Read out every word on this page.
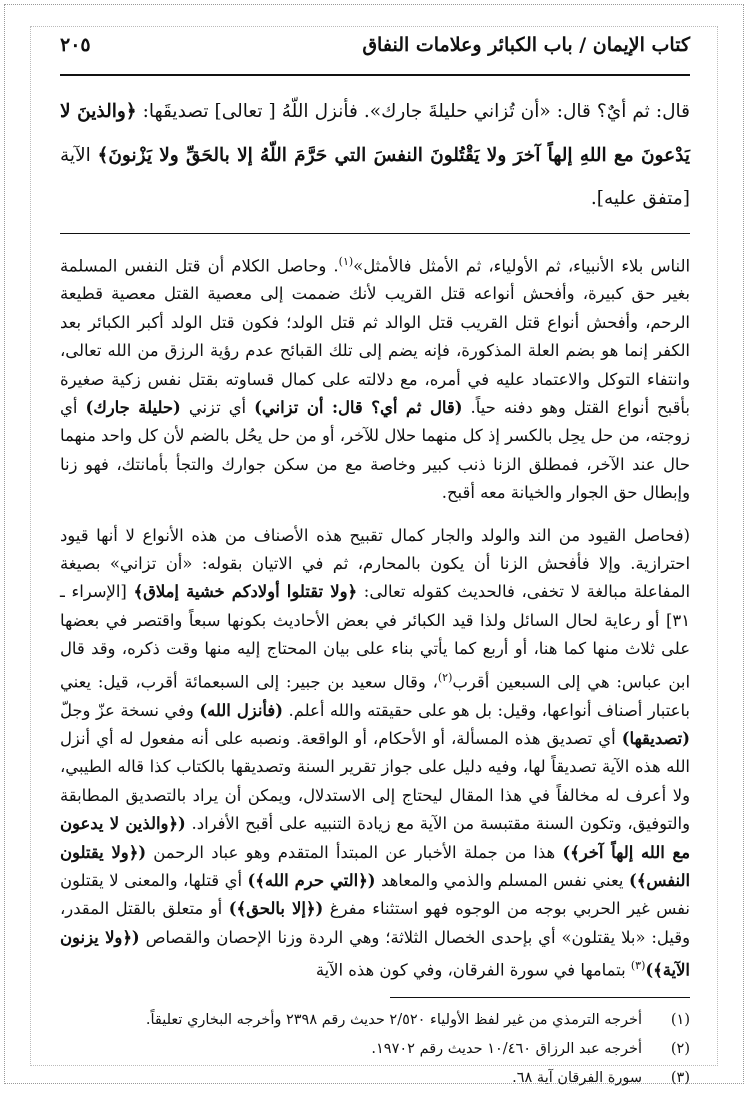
كتاب الإيمان / باب الكبائر وعلامات النفاق
٢٠٥
قال: ثم أيٌ؟ قال: «أن تُزاني حليلةَ جارك». فأنزل اللّهُ [ تعالى] تصديقَها: ﴿والذينَ لا يَدْعونَ مع اللهِ إلهاً آخرَ ولا يَقْتُلونَ النفسَ التي حَرَّمَ اللّهُ إلا بالحَقِّ ولا يَزْنونَ﴾ الآية [متفق عليه].

الناس بلاء الأنبياء، ثم الأولياء، ثم الأمثل فالأمثل»$^{(١)}$. وحاصل الكلام أن قتل النفس المسلمة بغير حق كبيرة، وأفحش أنواعه قتل القريب لأنك ضممت إلى معصية القتل معصية قطيعة الرحم، وأفحش أنواع قتل القريب قتل الوالد ثم قتل الولد؛ فكون قتل الولد أكبر الكبائر بعد الكفر إنما هو بضم العلة المذكورة، فإنه يضم إلى تلك القبائح عدم رؤية الرزق من الله تعالى، وانتفاء التوكل والاعتماد عليه في أمره، مع دلالته على كمال قساوته بقتل نفس زكية صغيرة بأقبح أنواع القتل وهو دفنه حياً. (قال ثم أي؟ قال: أن تزاني) أي تزني (حليلة جارك) أي زوجته، من حل يحِل بالكسر إذ كل منهما حلال للآخر، أو من حل يحُل بالضم لأن كل واحد منهما حال عند الآخر، فمطلق الزنا ذنب كبير وخاصة مع من سكن جوارك والتجأ بأمانتك، فهو زنا وإبطال حق الجوار والخيانة معه أقبح.

(فحاصل القيود من الند والولد والجار كمال تقبيح هذه الأصناف من هذه الأنواع لا أنها قيود احترازية. وإلا فأفحش الزنا أن يكون بالمحارم، ثم في الاتيان بقوله: «أن تزاني» بصيغة المفاعلة مبالغة لا تخفى، فالحديث كقوله تعالى: ﴿ولا تقتلوا أولادكم خشية إملاق﴾ [الإسراء ـ ٣١] أو رعاية لحال السائل ولذا قيد الكبائر في بعض الأحاديث بكونها سبعاً واقتصر في بعضها على ثلاث منها كما هنا، أو أربع كما يأتي بناء على بيان المحتاج إليه منها وقت ذكره، وقد قال ابن عباس: هي إلى السبعين أقرب$^{(٢)}$، وقال سعيد بن جبير: إلى السبعمائة أقرب، قيل: يعني باعتبار أصناف أنواعها، وقيل: بل هو على حقيقته والله أعلم. (فأنزل الله) وفي نسخة عزّ وجلّ (تصديقها) أي تصديق هذه المسألة، أو الأحكام، أو الواقعة. ونصبه على أنه مفعول له أي أنزل الله هذه الآية تصديقاً لها، وفيه دليل على جواز تقرير السنة وتصديقها بالكتاب كذا قاله الطيبي، ولا أعرف له مخالفاً في هذا المقال ليحتاج إلى الاستدلال، ويمكن أن يراد بالتصديق المطابقة والتوفيق، وتكون السنة مقتبسة من الآية مع زيادة التنبيه على أقبح الأفراد. (﴿والذين لا يدعون مع الله إلهاً آخر﴾) هذا من جملة الأخبار عن المبتدأ المتقدم وهو عباد الرحمن (﴿ولا يقتلون النفس﴾) يعني نفس المسلم والذمي والمعاهد (﴿التي حرم الله﴾) أي قتلها، والمعنى لا يقتلون نفس غير الحربي بوجه من الوجوه فهو استثناء مفرغ (﴿إلا بالحق﴾) أو متعلق بالقتل المقدر، وقيل: «بلا يقتلون» أي بإحدى الخصال الثلاثة؛ وهي الردة وزنا الإحصان والقصاص (﴿ولا يزنون الآية﴾)$^{(٣)}$ بتمامها في سورة الفرقان، وفي كون هذه الآية

(١)
أخرجه الترمذي من غير لفظ الأولياء ٢/٥٢٠ حديث رقم ٢٣٩٨ وأخرجه البخاري تعليقاً.
(٢)
أخرجه عبد الرزاق ١٠/٤٦٠ حديث رقم ١٩٧٠٢.
(٣)
سورة الفرقان آية ٦٨.
